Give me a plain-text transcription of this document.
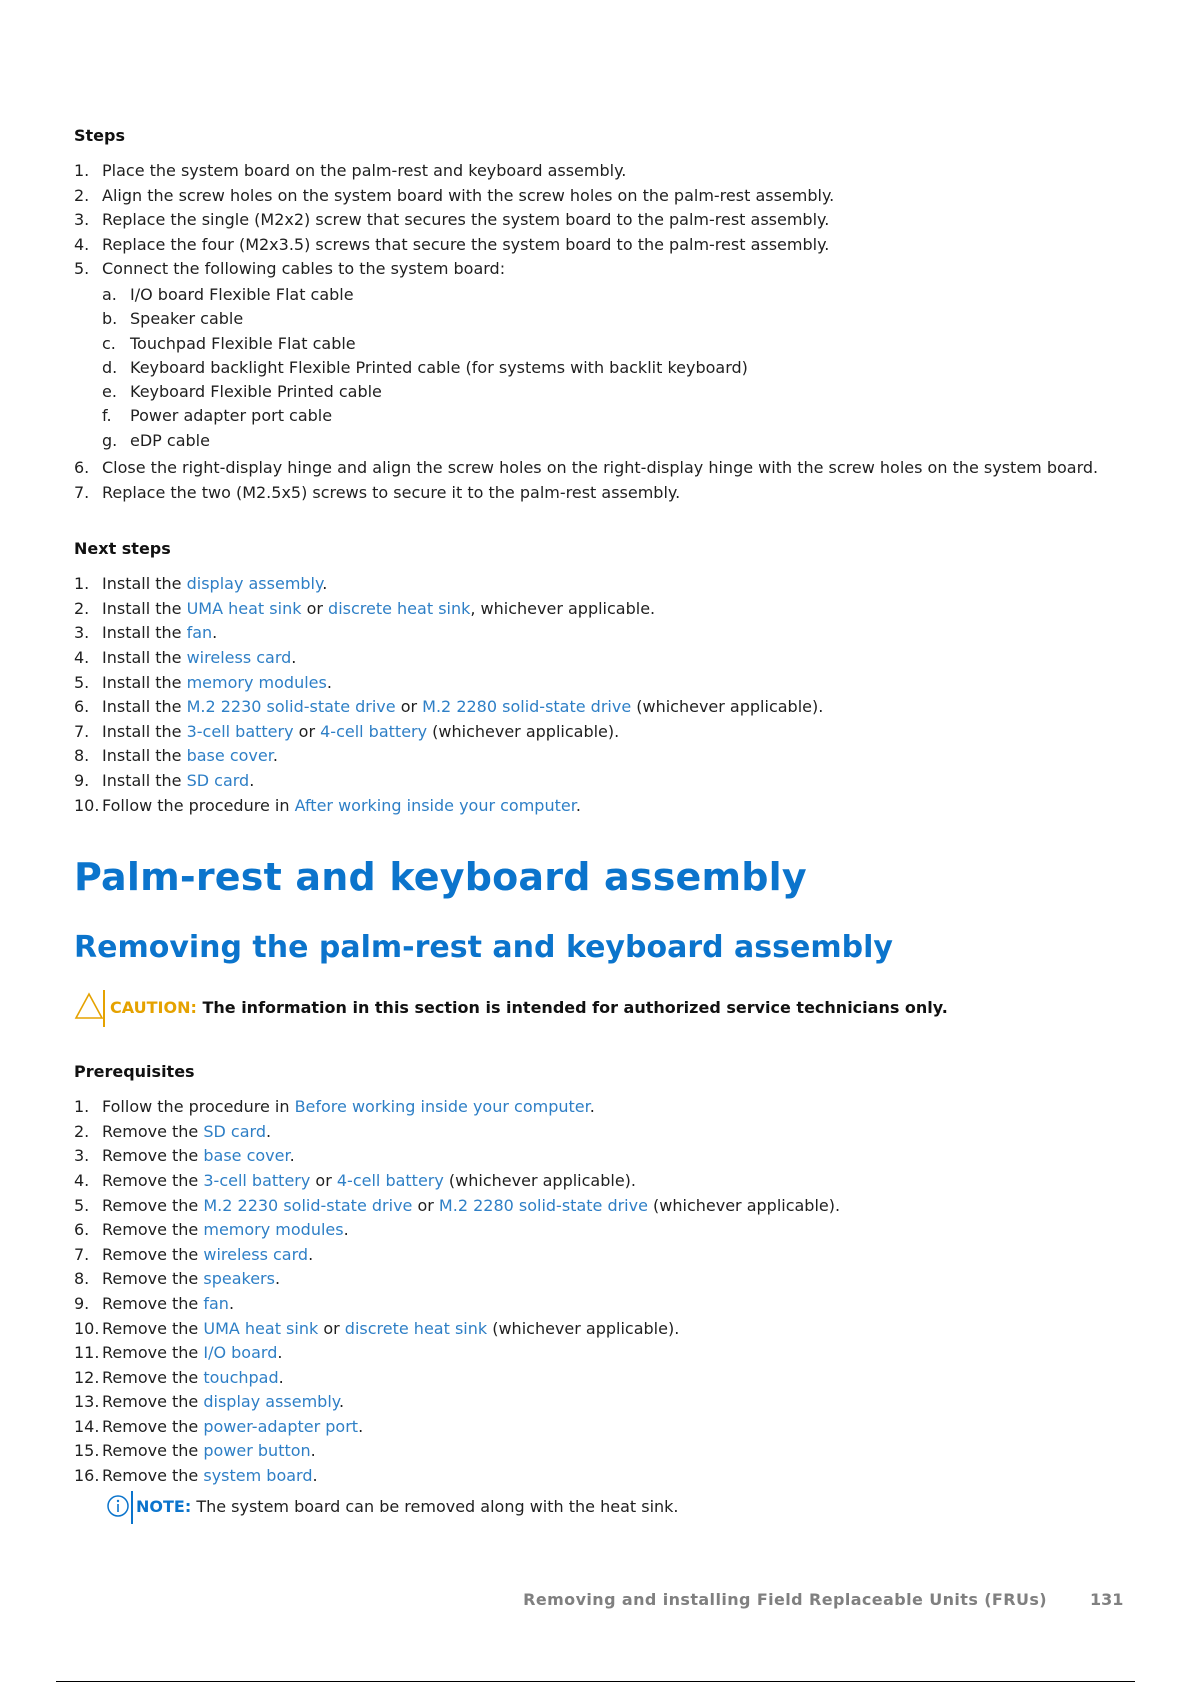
Steps
1. Place the system board on the palm-rest and keyboard assembly.
2. Align the screw holes on the system board with the screw holes on the palm-rest assembly.
3. Replace the single (M2x2) screw that secures the system board to the palm-rest assembly.
4. Replace the four (M2x3.5) screws that secure the system board to the palm-rest assembly.
5. Connect the following cables to the system board:
a. I/O board Flexible Flat cable
b. Speaker cable
c. Touchpad Flexible Flat cable
d. Keyboard backlight Flexible Printed cable (for systems with backlit keyboard)
e. Keyboard Flexible Printed cable
f. Power adapter port cable
g. eDP cable
6. Close the right-display hinge and align the screw holes on the right-display hinge with the screw holes on the system board.
7. Replace the two (M2.5x5) screws to secure it to the palm-rest assembly.
Next steps
1. Install the display assembly.
2. Install the UMA heat sink or discrete heat sink, whichever applicable.
3. Install the fan.
4. Install the wireless card.
5. Install the memory modules.
6. Install the M.2 2230 solid-state drive or M.2 2280 solid-state drive (whichever applicable).
7. Install the 3-cell battery or 4-cell battery (whichever applicable).
8. Install the base cover.
9. Install the SD card.
10. Follow the procedure in After working inside your computer.
Palm-rest and keyboard assembly
Removing the palm-rest and keyboard assembly
CAUTION: The information in this section is intended for authorized service technicians only.
Prerequisites
1. Follow the procedure in Before working inside your computer.
2. Remove the SD card.
3. Remove the base cover.
4. Remove the 3-cell battery or 4-cell battery (whichever applicable).
5. Remove the M.2 2230 solid-state drive or M.2 2280 solid-state drive (whichever applicable).
6. Remove the memory modules.
7. Remove the wireless card.
8. Remove the speakers.
9. Remove the fan.
10. Remove the UMA heat sink or discrete heat sink (whichever applicable).
11. Remove the I/O board.
12. Remove the touchpad.
13. Remove the display assembly.
14. Remove the power-adapter port.
15. Remove the power button.
16. Remove the system board.
NOTE: The system board can be removed along with the heat sink.
Removing and installing Field Replaceable Units (FRUs)	131
